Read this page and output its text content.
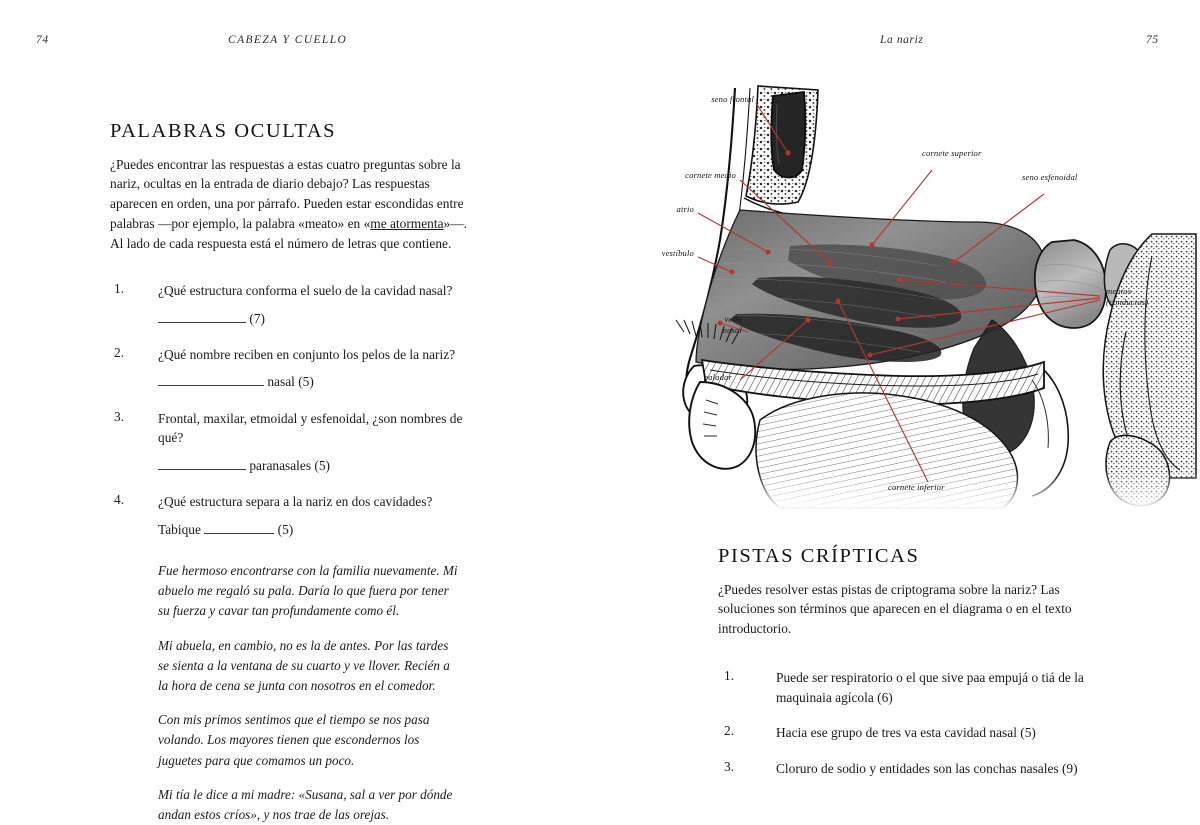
74	CABEZA Y CUELLO	La nariz	75
PALABRAS OCULTAS

¿Puedes encontrar las respuestas a estas cuatro preguntas sobre la nariz, ocultas en la entrada de diario debajo? Las respuestas aparecen en orden, una por párrafo. Pueden estar escondidas entre palabras —por ejemplo, la palabra «meato» en «me atormenta»—. Al lado de cada respuesta está el número de letras que contiene.

1.	¿Qué estructura conforma el suelo de la cavidad nasal?
(7)
2.	¿Qué nombre reciben en conjunto los pelos de la nariz?
nasal (5)
3.	Frontal, maxilar, etmoidal y esfenoidal, ¿son nombres de qué?
paranasales (5)
4.	¿Qué estructura separa a la nariz en dos cavidades?
Tabique	(5)

Fue hermoso encontrarse con la familia nuevamente. Mi abuelo me regaló su pala. Daría lo que fuera por tener su fuerza y cavar tan profundamente como él.

Mi abuela, en cambio, no es la de antes. Por las tardes se sienta a la ventana de su cuarto y ve llover. Recién a la hora de cena se junta con nosotros en el comedor.

Con mis primos sentimos que el tiempo se nos pasa volando. Los mayores tienen que escondernos los juguetes para que comamos un poco.

Mi tía le dice a mi madre: «Susana, sal a ver por dónde andan estos críos», y nos trae de las orejas.

PISTAS CRÍPTICAS

¿Puedes resolver estas pistas de criptograma sobre la nariz? Las soluciones son términos que aparecen en el diagrama o en el texto introductorio.

1.	Puede ser respiratorio o el que sive paa empujá o tiá de la maquinaia agícola (6)
2.	Hacia ese grupo de tres va esta cavidad nasal (5)
3.	Cloruro de sodio y entidades son las conchas nasales (9)
seno frontal
cornete medio
atrio
vestíbulo
vello
nasal
paladar
cornete superior
seno esfenoidal
meatos
(conductos)
cornete inferior
